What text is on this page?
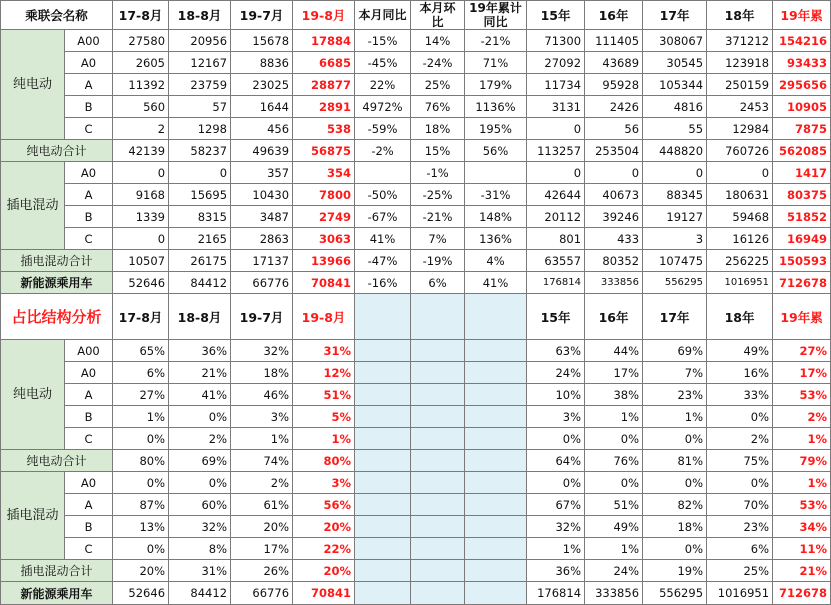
乘联会名称		17-8月	18-8月	19-7月	19-8月	本月同比	本月环比	19年累计同比	15年	16年	17年	18年	19年累
纯电动	A00	27580	20956	15678	17884	-15%	14%	-21%	71300	111405	308067	371212	154216
	A0	2605	12167	8836	6685	-45%	-24%	71%	27092	43689	30545	123918	93433
	A	11392	23759	23025	28877	22%	25%	179%	11734	95928	105344	250159	295656
	B	560	57	1644	2891	4972%	76%	1136%	3131	2426	4816	2453	10905
	C	2	1298	456	538	-59%	18%	195%	0	56	55	12984	7875
纯电动合计		42139	58237	49639	56875	-2%	15%	56%	113257	253504	448820	760726	562085
插电混动	A0	0	0	357	354		-1%		0	0	0	0	1417
	A	9168	15695	10430	7800	-50%	-25%	-31%	42644	40673	88345	180631	80375
	B	1339	8315	3487	2749	-67%	-21%	148%	20112	39246	19127	59468	51852
	C	0	2165	2863	3063	41%	7%	136%	801	433	3	16126	16949
插电混动合计		10507	26175	17137	13966	-47%	-19%	4%	63557	80352	107475	256225	150593
新能源乘用车		52646	84412	66776	70841	-16%	6%	41%	176814	333856	556295	1016951	712678
占比结构分析		17-8月	18-8月	19-7月	19-8月				15年	16年	17年	18年	19年累
纯电动	A00	65%	36%	32%	31%				63%	44%	69%	49%	27%
	A0	6%	21%	18%	12%				24%	17%	7%	16%	17%
	A	27%	41%	46%	51%				10%	38%	23%	33%	53%
	B	1%	0%	3%	5%				3%	1%	1%	0%	2%
	C	0%	2%	1%	1%				0%	0%	0%	2%	1%
纯电动合计		80%	69%	74%	80%				64%	76%	81%	75%	79%
插电混动	A0	0%	0%	2%	3%				0%	0%	0%	0%	1%
	A	87%	60%	61%	56%				67%	51%	82%	70%	53%
	B	13%	32%	20%	20%				32%	49%	18%	23%	34%
	C	0%	8%	17%	22%				1%	1%	0%	6%	11%
插电混动合计		20%	31%	26%	20%				36%	24%	19%	25%	21%
新能源乘用车		52646	84412	66776	70841				176814	333856	556295	1016951	712678
